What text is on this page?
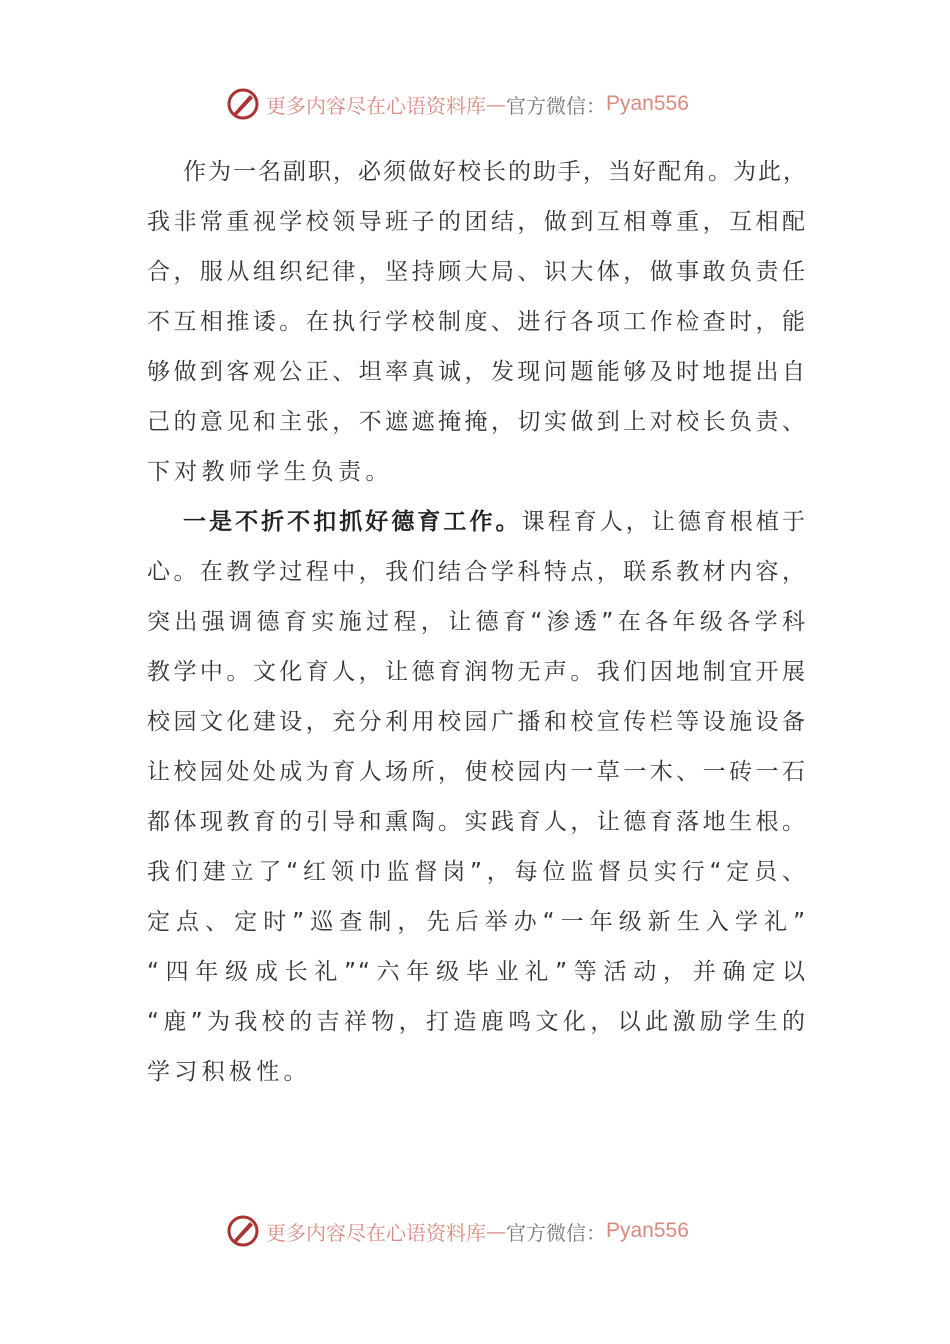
更多内容尽在心语资料库 — 官方微信： Pyan556
作为一名副职，必须做好校长的助手，当好配角。为此，
我非常重视学校领导班子的团结，做到互相尊重，互相配
合，服从组织纪律，坚持顾大局、识大体，做事敢负责任
不互相推诿。在执行学校制度、进行各项工作检查时，能
够做到客观公正、坦率真诚，发现问题能够及时地提出自
己的意见和主张，不遮遮掩掩，切实做到上对校长负责、
下对教师学生负责。
一是不折不扣抓好德育工作。课程育人，让德育根植于
心。在教学过程中，我们结合学科特点，联系教材内容，
突出强调德育实施过程，让德育“渗透”在各年级各学科
教学中。文化育人，让德育润物无声。我们因地制宜开展
校园文化建设，充分利用校园广播和校宣传栏等设施设备
让校园处处成为育人场所，使校园内一草一木、一砖一石
都体现教育的引导和熏陶。实践育人，让德育落地生根。
我们建立了“红领巾监督岗”，每位监督员实行“定员、
定点、定时”巡查制，先后举办“一年级新生入学礼”
“四年级成长礼”“六年级毕业礼”等活动，并确定以
“鹿”为我校的吉祥物，打造鹿鸣文化，以此激励学生的
学习积极性。
更多内容尽在心语资料库 — 官方微信： Pyan556
